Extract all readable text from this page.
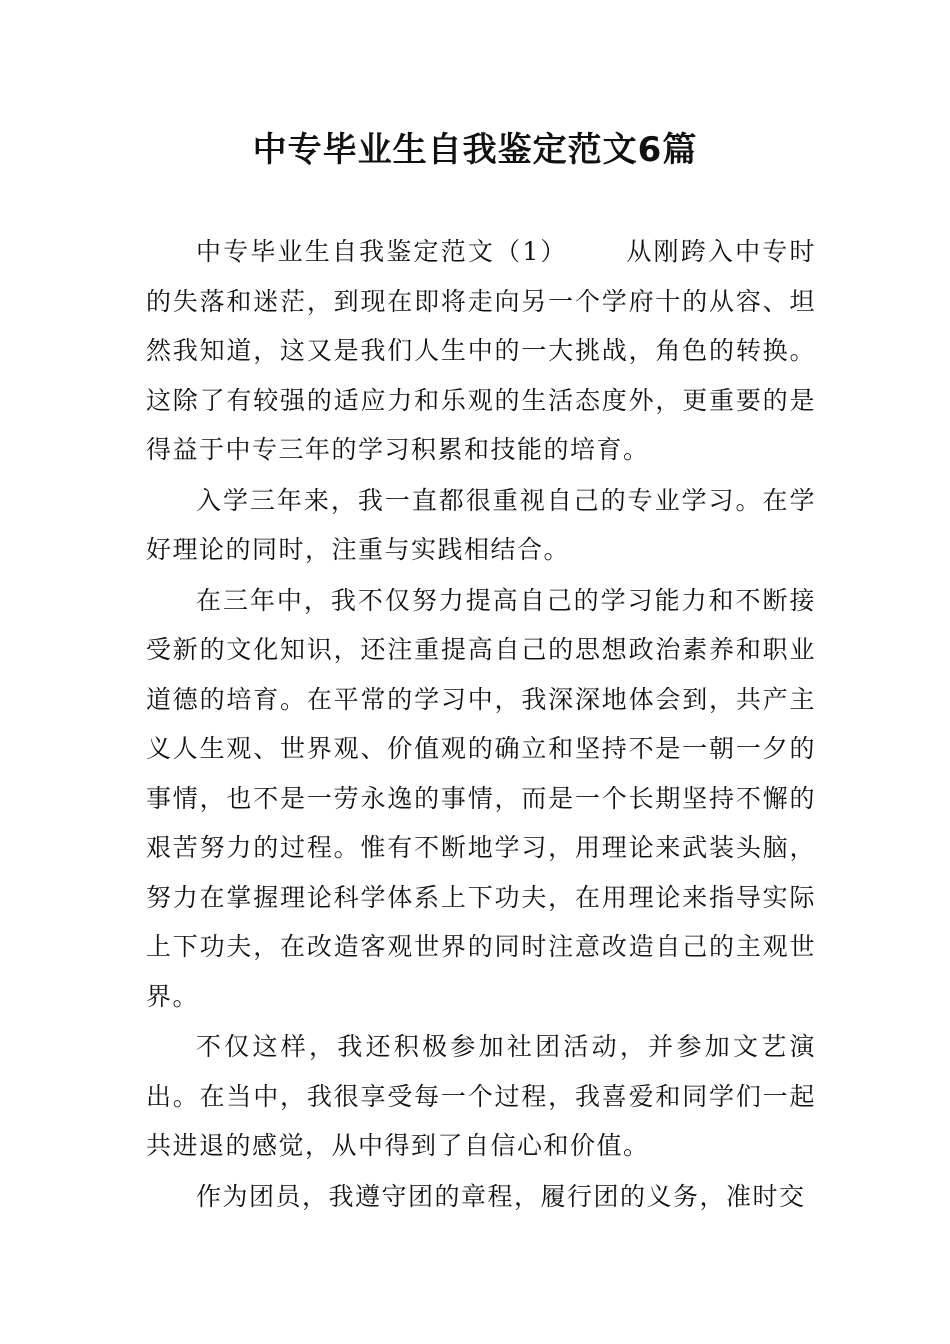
中专毕业生自我鉴定范文6篇

中专毕业生自我鉴定范文（1） 从刚跨入中专时的失落和迷茫，到现在即将走向另一个学府十的从容、坦然我知道，这又是我们人生中的一大挑战，角色的转换。这除了有较强的适应力和乐观的生活态度外，更重要的是得益于中专三年的学习积累和技能的培育。

入学三年来，我一直都很重视自己的专业学习。在学好理论的同时，注重与实践相结合。

在三年中，我不仅努力提高自己的学习能力和不断接受新的文化知识，还注重提高自己的思想政治素养和职业道德的培育。在平常的学习中，我深深地体会到，共产主义人生观、世界观、价值观的确立和坚持不是一朝一夕的事情，也不是一劳永逸的事情，而是一个长期坚持不懈的艰苦努力的过程。惟有不断地学习，用理论来武装头脑，努力在掌握理论科学体系上下功夫，在用理论来指导实际上下功夫，在改造客观世界的同时注意改造自己的主观世界。

不仅这样，我还积极参加社团活动，并参加文艺演出。在当中，我很享受每一个过程，我喜爱和同学们一起共进退的感觉，从中得到了自信心和价值。

作为团员，我遵守团的章程，履行团的义务，准时交
